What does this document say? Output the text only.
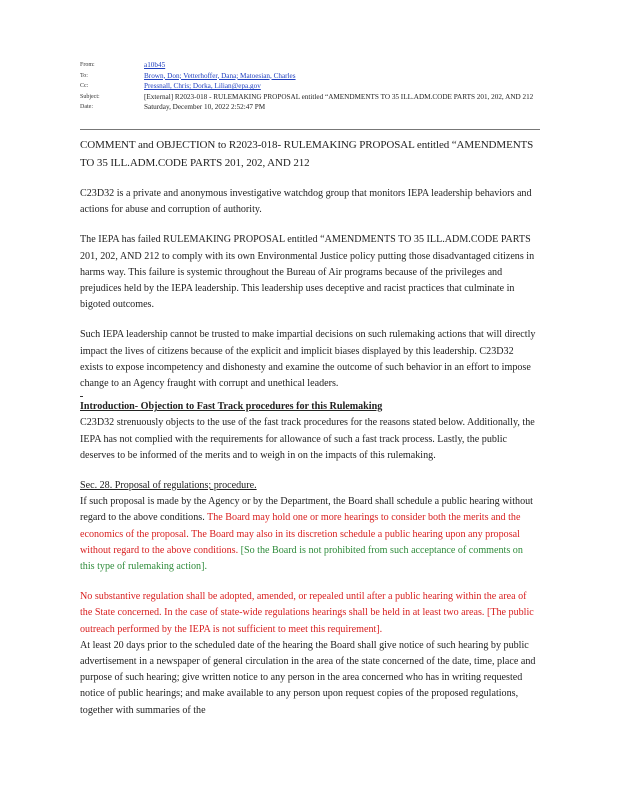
From:	a10b45
To:	Brown, Don; Vetterhoffer, Dana; Matoesian, Charles
Cc:	Pressnall, Chris; Dorka, Lilian@epa.gov
Subject:	[External] R2023-018 - RULEMAKING PROPOSAL entitled “AMENDMENTS TO 35 ILL.ADM.CODE PARTS 201, 202, AND 212
Date:	Saturday, December 10, 2022 2:52:47 PM
COMMENT and OBJECTION to R2023-018- RULEMAKING PROPOSAL entitled “AMENDMENTS TO 35 ILL.ADM.CODE PARTS 201, 202, AND 212

C23D32 is a private and anonymous investigative watchdog group that monitors IEPA leadership behaviors and actions for abuse and corruption of authority.

The IEPA has failed RULEMAKING PROPOSAL entitled “AMENDMENTS TO 35 ILL.ADM.CODE PARTS 201, 202, AND 212 to comply with its own Environmental Justice policy putting those disadvantaged citizens in harms way. This failure is systemic throughout the Bureau of Air programs because of the privileges and prejudices held by the IEPA leadership. This leadership uses deceptive and racist practices that culminate in bigoted outcomes.

Such IEPA leadership cannot be trusted to make impartial decisions on such rulemaking actions that will directly impact the lives of citizens because of the explicit and implicit biases displayed by this leadership. C23D32 exists to expose incompetency and dishonesty and examine the outcome of such behavior in an effort to impose change to an Agency fraught with corrupt and unethical leaders.

Introduction- Objection to Fast Track procedures for this Rulemaking

C23D32 strenuously objects to the use of the fast track procedures for the reasons stated below. Additionally, the IEPA has not complied with the requirements for allowance of such a fast track process. Lastly, the public deserves to be informed of the merits and to weigh in on the impacts of this rulemaking.

Sec. 28. Proposal of regulations; procedure.

If such proposal is made by the Agency or by the Department, the Board shall schedule a public hearing without regard to the above conditions. The Board may hold one or more hearings to consider both the merits and the economics of the proposal. The Board may also in its discretion schedule a public hearing upon any proposal without regard to the above conditions. [So the Board is not prohibited from such acceptance of comments on this type of rulemaking action].

No substantive regulation shall be adopted, amended, or repealed until after a public hearing within the area of the State concerned. In the case of state-wide regulations hearings shall be held in at least two areas. [The public outreach performed by the IEPA is not sufficient to meet this requirement].

At least 20 days prior to the scheduled date of the hearing the Board shall give notice of such hearing by public advertisement in a newspaper of general circulation in the area of the state concerned of the date, time, place and purpose of such hearing; give written notice to any person in the area concerned who has in writing requested notice of public hearings; and make available to any person upon request copies of the proposed regulations, together with summaries of the
